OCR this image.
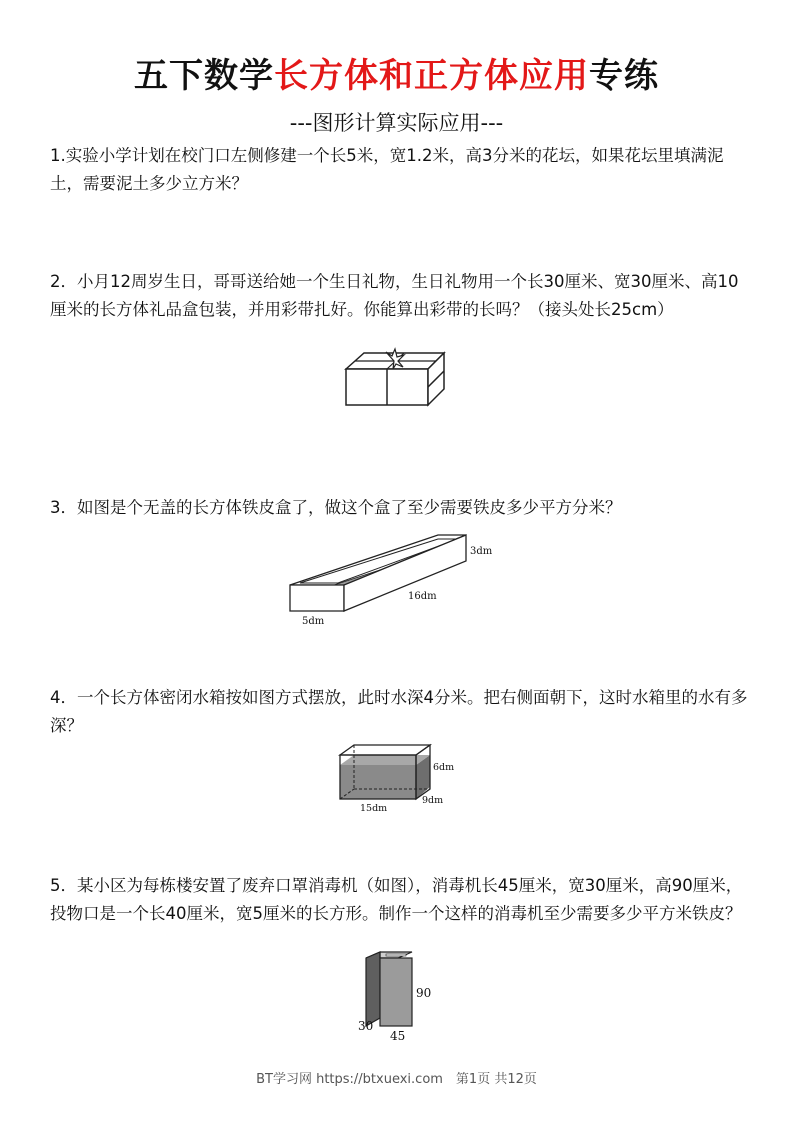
五下数学长方体和正方体应用专练
---图形计算实际应用---
1.实验小学计划在校门口左侧修建一个长5米，宽1.2米，高3分米的花坛，如果花坛里填满泥土，需要泥土多少立方米？
2．小月12周岁生日，哥哥送给她一个生日礼物，生日礼物用一个长30厘米、宽30厘米、高10厘米的长方体礼品盒包装，并用彩带扎好。你能算出彩带的长吗？（接头处长25cm）
3．如图是个无盖的长方体铁皮盒了，做这个盒了至少需要铁皮多少平方分米？
3dm
16dm
5dm
4．一个长方体密闭水箱按如图方式摆放，此时水深4分米。把右侧面朝下，这时水箱里的水有多深？
6dm
9dm
15dm
5．某小区为每栋楼安置了废弃口罩消毒机（如图），消毒机长45厘米，宽30厘米，高90厘米，投物口是一个长40厘米，宽5厘米的长方形。制作一个这样的消毒机至少需要多少平方米铁皮？
90
30
45
BT学习网 https://btxuexi.com　第1页 共12页
